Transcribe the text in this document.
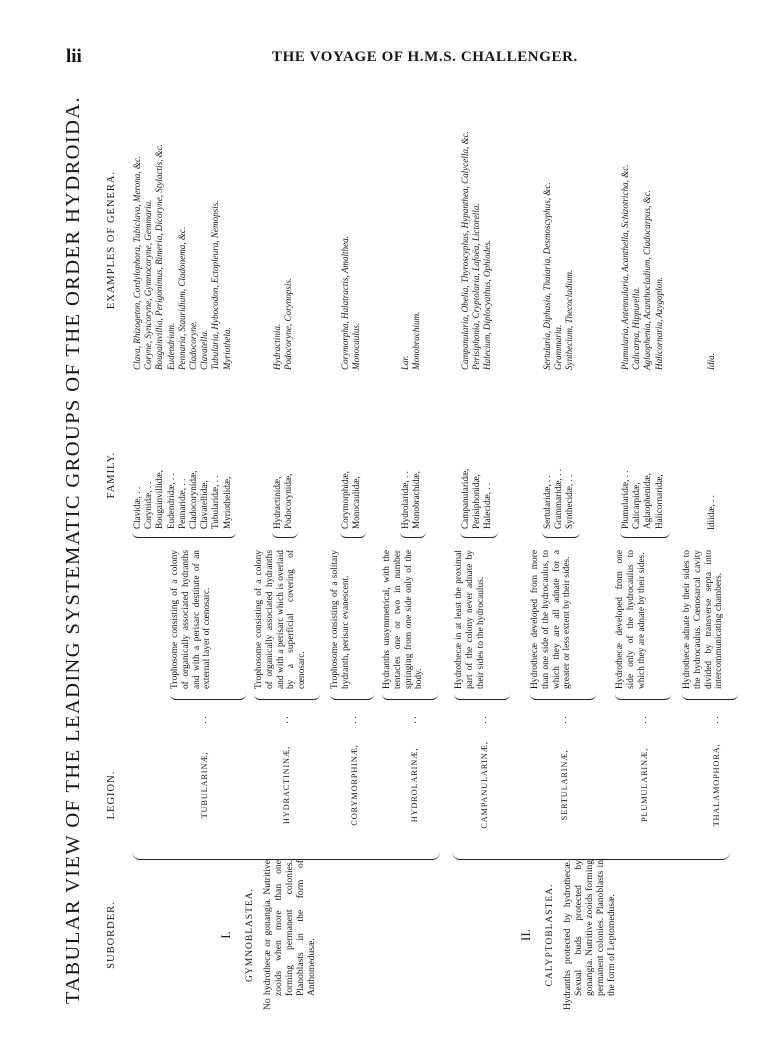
lii	THE VOYAGE OF H.M.S. CHALLENGER.
TABULAR VIEW OF THE LEADING SYSTEMATIC GROUPS OF THE ORDER HYDROIDA. SUBORDER.
LEGION.
FAMILY.
EXAMPLES OF GENERA.
I. GYMNOBLASTEA. No hydrothecæ or gonangia. Nutritive zooids when more than one forming permanent colonies. Planoblasts in the form of Anthomedusæ.
II. CALYPTOBLASTEA. Hydranths protected by hydrothecæ. Sexual buds protected by gonangia. Nutritive zooids forming permanent colonies. Planoblasts in the form of Leptomedusæ.
TUBULARINÆ,
. .
Trophosome consisting of a colony of organically associated hydranths and with a perisarc destitute of an external layer of cœnosarc.
Clavidæ, . . Corynidæ, . . Bougainvillidæ, Eudendridæ, . . Pennaridæ, . . Cladocorynidæ, Clavatellidæ, Tubularidæ, . . Myriothelidæ,
Clava, Rhizogeton, Cordylophora, Tubiclava, Merona, &c. Coryne, Syncoryne, Gymnocoryne, Gemmaria. Bougainvillia, Perigonimus, Bimeria, Dicoryne, Stylactis, &c. Eudendrium. Pennaria, Stauridium, Cladonema, &c. Cladocoryne. Clavatella. Tubularia, Hybocodon, Ectopleura, Nemopsis. Myriothela.
HYDRACTININÆ,
. .
Trophosome consisting of a colony of organically associated hydranths and with a perisarc which is overlaid by a superficial covering of cœnosarc.
Hydractinidæ, Podocorynidæ,
Hydractinia. Podocoryne, Corynopsis.
CORYMORPHINÆ,
. .
Trophosome consisting of a solitary hydranth, perisarc evanescent.
Corymorphidæ, Monocaulidæ,
Corymorpha, Halatractis, Amalthea. Monocaulus.
HYDROLARINÆ,
. .
Hydranths unsymmetrical, with the tentacles one or two in number springing from one side only of the body.
Hydrolaridæ, . . Monobrachidæ,
Lar. Monobrachium.
CAMPANULARINÆ,
. .
Hydrothecæ in at least the proximal part of the colony never adnate by their sides to the hydrocaulus.
Campanularidæ, Perisiphonidæ, Halecidæ, . .
Campanularia, Obelia, Thyroscyphus, Hypanthea, Calycella, &c. Perisiphonia, Cryptolaria, Lafoëa, Lictorella. Halecium, Diplocyathus, Ophiodes.
SERTULARINÆ,
. .
Hydrothecæ developed from more than one side of the hydrocaulus, to which they are all adnate for a greater or less extent by their sides.
Sertularidæ, . . Grammaridæ, . . Synthecidæ, . .
Sertularia, Diphasia, Thuiaria, Desmoscyphus, &c. Grammaria. Synthecium, Thecocladium.
PLUMULARINÆ,
. .
Hydrothecæ developed from one side only of the hydrocaulus to which they are adnate by their sides.
Plumularidæ, . . Calicarpidæ, Aglaophenidæ, Halicornaridæ,
Plumularia, Antennularia, Acanthella, Schizotricha, &c. Calicarpa, Hippurella. Aglaophenia, Acanthocladium, Cladocarpus, &c. Halicornaria, Azygoplon.
THALAMOPHORA,
. .
Hydrothecæ adnate by their sides to the hydrocaulus. Cœnosarcal cavity divided by transverse septa into intercommunicating chambers.
Idiidæ, . .
Idia.
